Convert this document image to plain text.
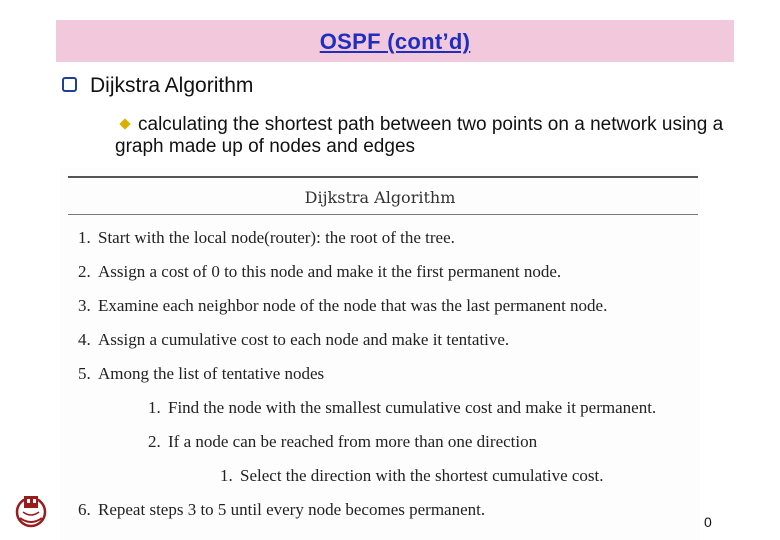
OSPF (cont’d)
Dijkstra Algorithm
calculating the shortest path between two points on a network using a graph made up of nodes and edges
Dijkstra Algorithm
1. Start with the local node(router): the root of the tree.
2. Assign a cost of 0 to this node and make it the first permanent node.
3. Examine each neighbor node of the node that was the last permanent node.
4. Assign a cumulative cost to each node and make it tentative.
5. Among the list of tentative nodes
1. Find the node with the smallest cumulative cost and make it permanent.
2. If a node can be reached from more than one direction
1. Select the direction with the shortest cumulative cost.
6. Repeat steps 3 to 5 until every node becomes permanent.
0
